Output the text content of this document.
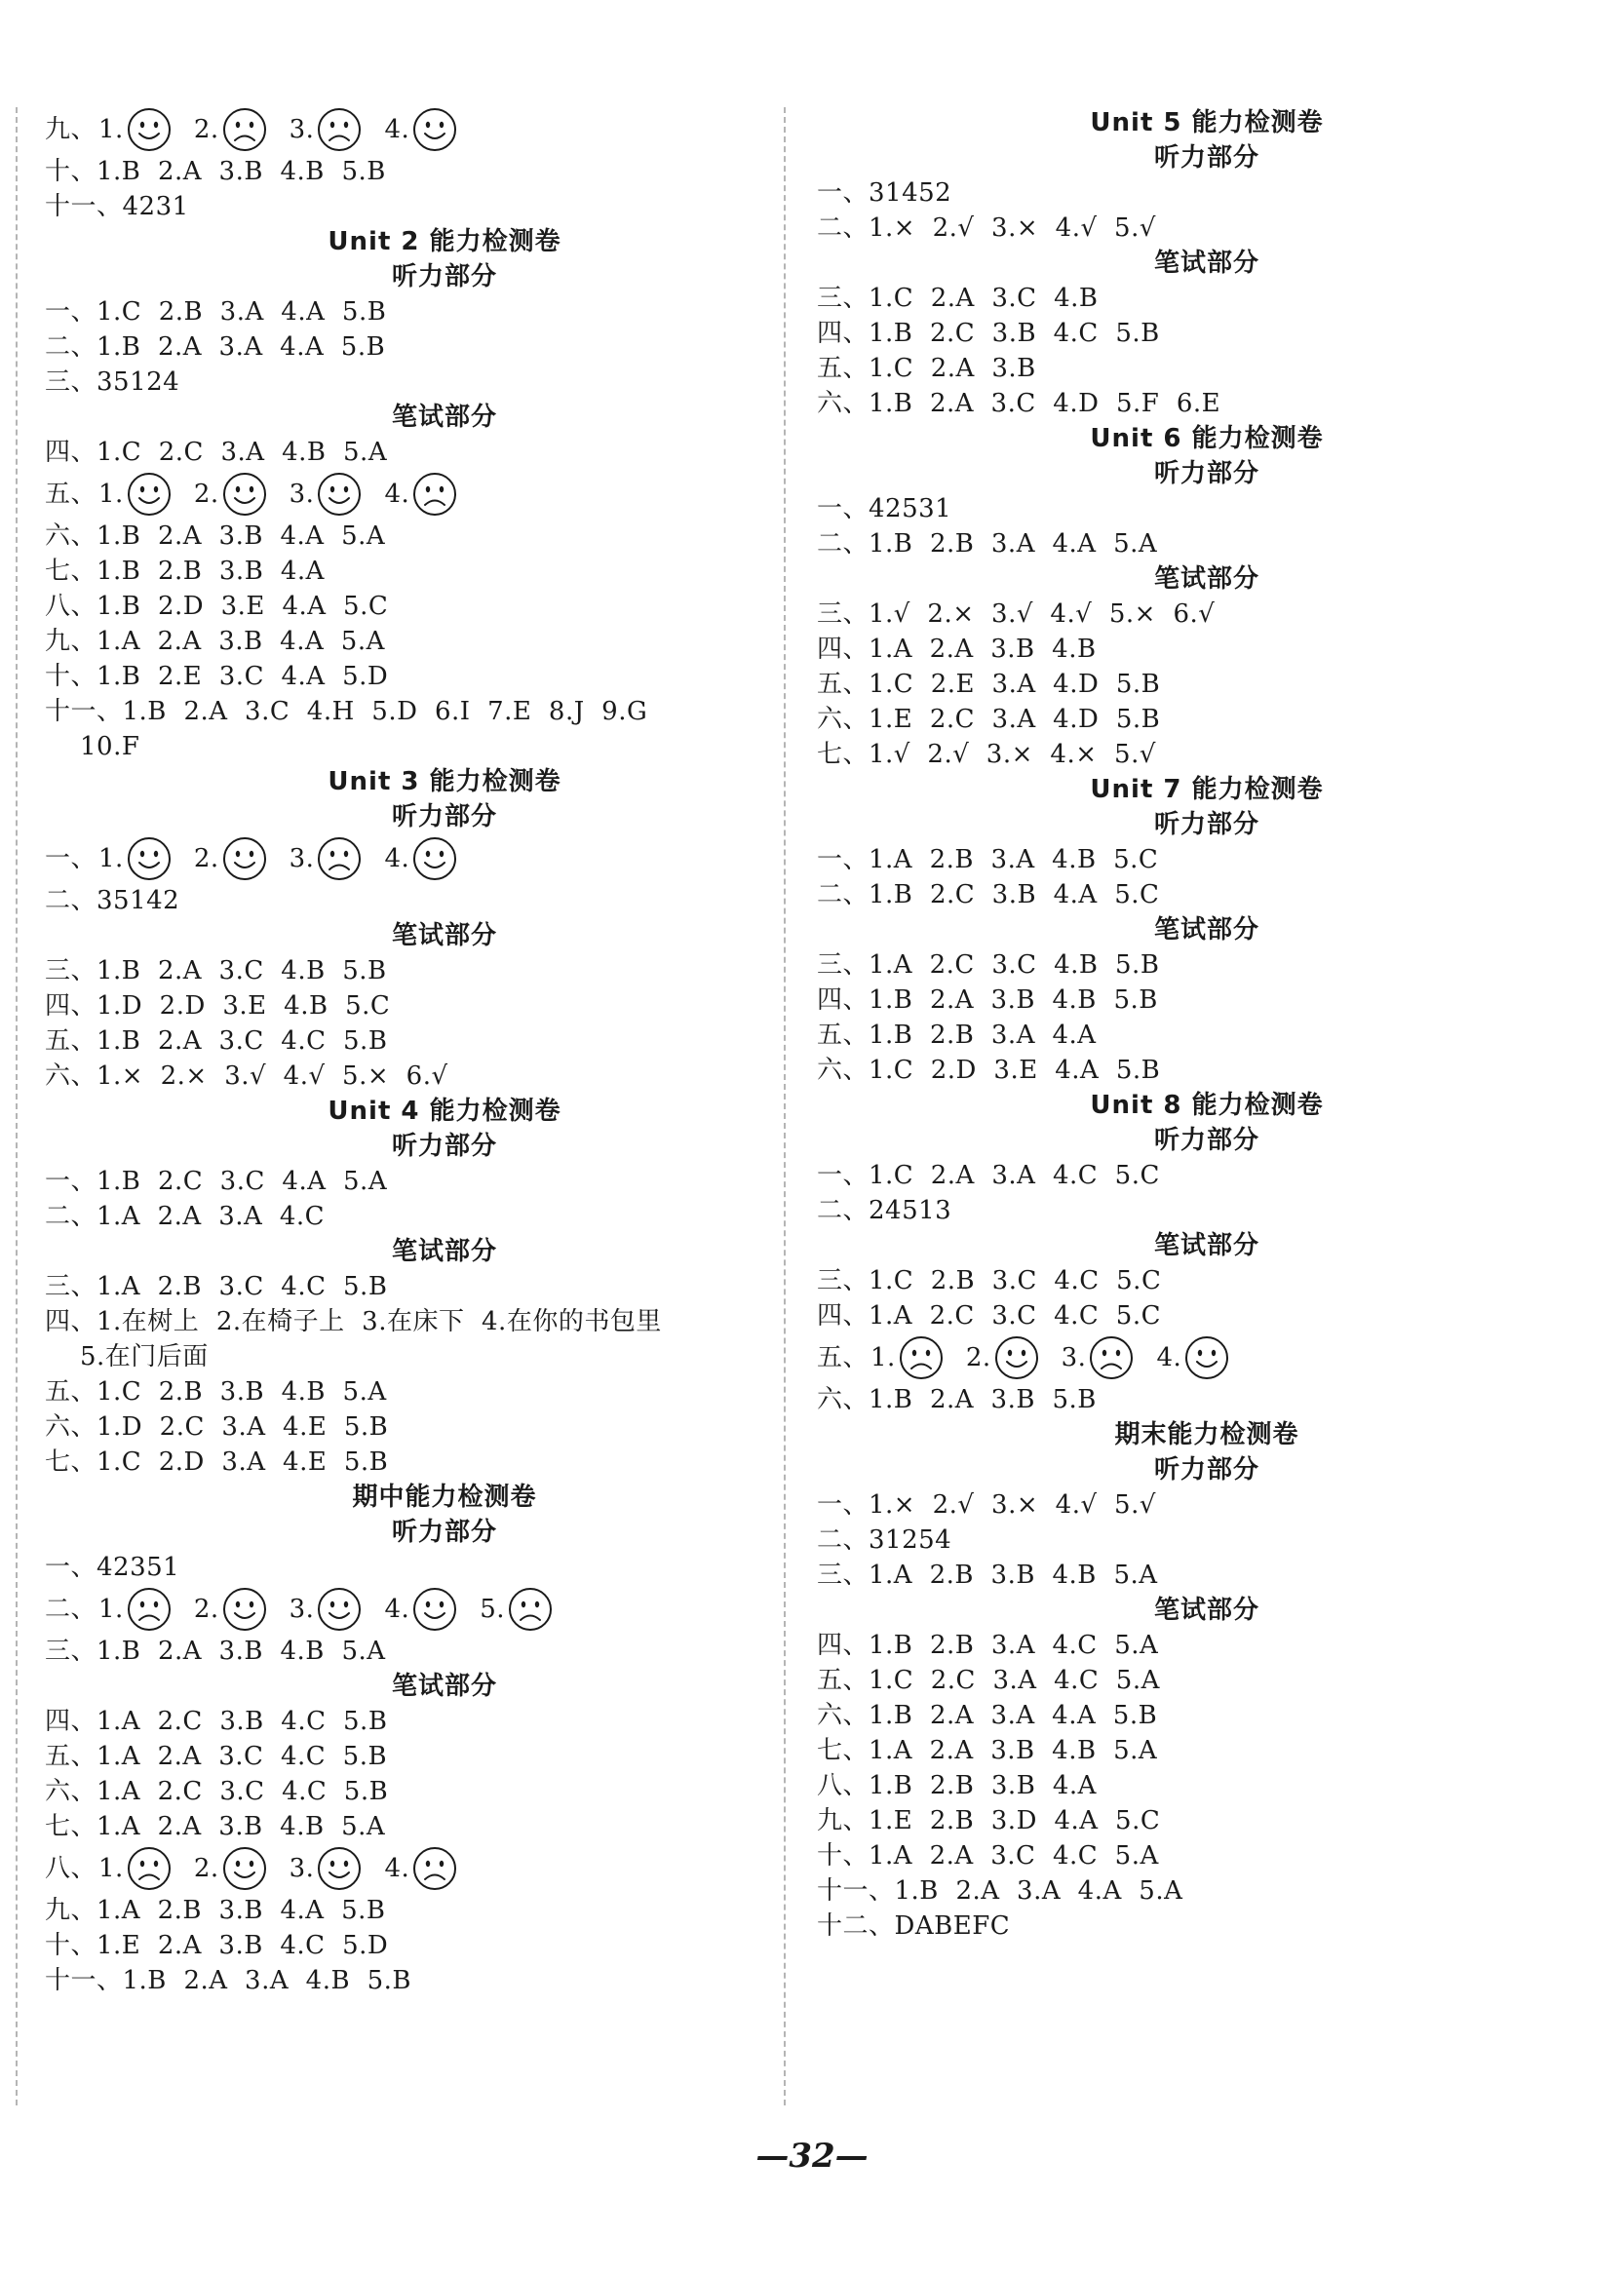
九、 1.	2.	3.	4.
十、1.B  2.A  3.B  4.B  5.B
十一、4231
Unit 2 能力检测卷
听力部分
一、1.C  2.B  3.A  4.A  5.B
二、1.B  2.A  3.A  4.A  5.B
三、35124
笔试部分
四、1.C  2.C  3.A  4.B  5.A
五、 1.	2.	3.	4.
六、1.B  2.A  3.B  4.A  5.A
七、1.B  2.B  3.B  4.A
八、1.B  2.D  3.E  4.A  5.C
九、1.A  2.A  3.B  4.A  5.A
十、1.B  2.E  3.C  4.A  5.D
十一、1.B  2.A  3.C  4.H  5.D  6.I  7.E  8.J  9.G
10.F
Unit 3 能力检测卷
听力部分
一、 1.	2.	3.	4.
二、35142
笔试部分
三、1.B  2.A  3.C  4.B  5.B
四、1.D  2.D  3.E  4.B  5.C
五、1.B  2.A  3.C  4.C  5.B
六、1.×  2.×  3.√  4.√  5.×  6.√
Unit 4 能力检测卷
听力部分
一、1.B  2.C  3.C  4.A  5.A
二、1.A  2.A  3.A  4.C
笔试部分
三、1.A  2.B  3.C  4.C  5.B
四、1.在树上  2.在椅子上  3.在床下  4.在你的书包里
5.在门后面
五、1.C  2.B  3.B  4.B  5.A
六、1.D  2.C  3.A  4.E  5.B
七、1.C  2.D  3.A  4.E  5.B
期中能力检测卷
听力部分
一、42351
二、 1.	2.	3.	4.	5.
三、1.B  2.A  3.B  4.B  5.A
笔试部分
四、1.A  2.C  3.B  4.C  5.B
五、1.A  2.A  3.C  4.C  5.B
六、1.A  2.C  3.C  4.C  5.B
七、1.A  2.A  3.B  4.B  5.A
八、 1.	2.	3.	4.
九、1.A  2.B  3.B  4.A  5.B
十、1.E  2.A  3.B  4.C  5.D
十一、1.B  2.A  3.A  4.B  5.B
Unit 5 能力检测卷
听力部分
一、31452
二、1.×  2.√  3.×  4.√  5.√
笔试部分
三、1.C  2.A  3.C  4.B
四、1.B  2.C  3.B  4.C  5.B
五、1.C  2.A  3.B
六、1.B  2.A  3.C  4.D  5.F  6.E
Unit 6 能力检测卷
听力部分
一、42531
二、1.B  2.B  3.A  4.A  5.A
笔试部分
三、1.√  2.×  3.√  4.√  5.×  6.√
四、1.A  2.A  3.B  4.B
五、1.C  2.E  3.A  4.D  5.B
六、1.E  2.C  3.A  4.D  5.B
七、1.√  2.√  3.×  4.×  5.√
Unit 7 能力检测卷
听力部分
一、1.A  2.B  3.A  4.B  5.C
二、1.B  2.C  3.B  4.A  5.C
笔试部分
三、1.A  2.C  3.C  4.B  5.B
四、1.B  2.A  3.B  4.B  5.B
五、1.B  2.B  3.A  4.A
六、1.C  2.D  3.E  4.A  5.B
Unit 8 能力检测卷
听力部分
一、1.C  2.A  3.A  4.C  5.C
二、24513
笔试部分
三、1.C  2.B  3.C  4.C  5.C
四、1.A  2.C  3.C  4.C  5.C
五、 1.	2.	3.	4.
六、1.B  2.A  3.B  5.B
期末能力检测卷
听力部分
一、1.×  2.√  3.×  4.√  5.√
二、31254
三、1.A  2.B  3.B  4.B  5.A
笔试部分
四、1.B  2.B  3.A  4.C  5.A
五、1.C  2.C  3.A  4.C  5.A
六、1.B  2.A  3.A  4.A  5.B
七、1.A  2.A  3.B  4.B  5.A
八、1.B  2.B  3.B  4.A
九、1.E  2.B  3.D  4.A  5.C
十、1.A  2.A  3.C  4.C  5.A
十一、1.B  2.A  3.A  4.A  5.A
十二、DABEFC
—32—
